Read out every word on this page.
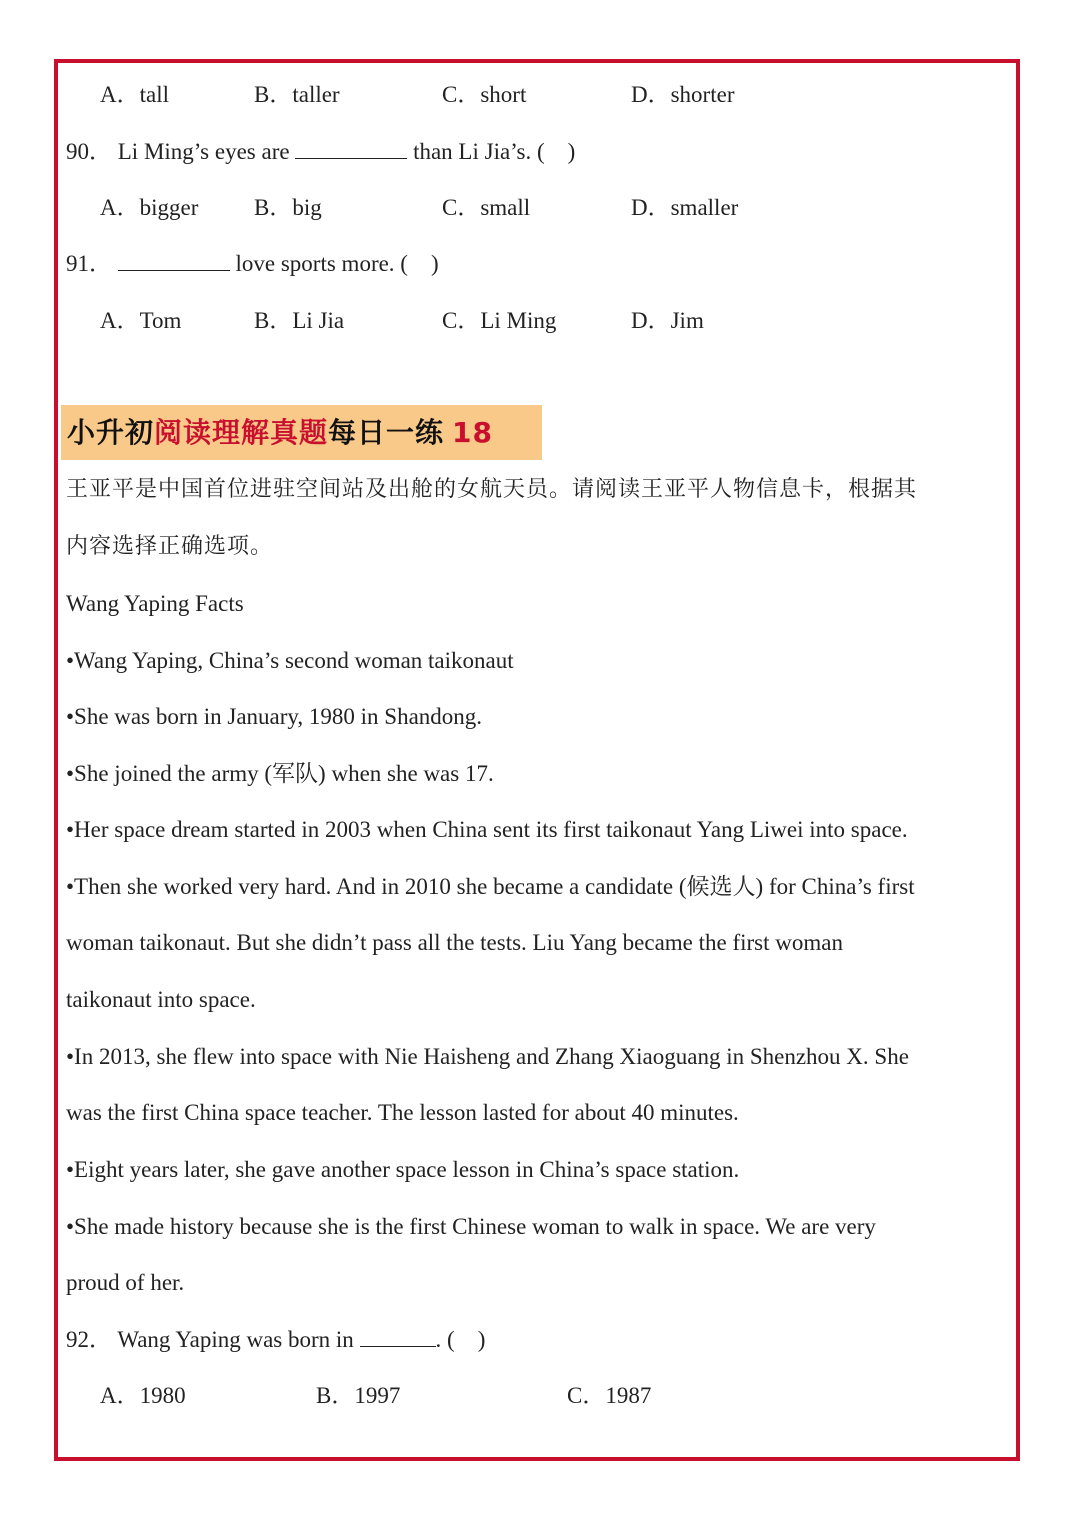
A．tall	B．taller	C．short	D．shorter
90． Li Ming’s eyes are	than Li Jia’s. ( )
A．bigger B．big	C．small	D．smaller
91．	love sports more. ( )
A．Tom	B．Li Jia	C．Li Ming	D．Jim
小升初阅读理解真题每日一练 18
王亚平是中国首位进驻空间站及出舱的女航天员。请阅读王亚平人物信息卡，根据其
内容选择正确选项。
Wang Yaping Facts
•Wang Yaping, China’s second woman taikonaut
•She was born in January, 1980 in Shandong.
•She joined the army (军队) when she was 17.
•Her space dream started in 2003 when China sent its first taikonaut Yang Liwei into space.
•Then she worked very hard. And in 2010 she became a candidate (候选人) for China’s first
woman taikonaut. But she didn’t pass all the tests. Liu Yang became the first woman
taikonaut into space.
•In 2013, she flew into space with Nie Haisheng and Zhang Xiaoguang in Shenzhou X. She
was the first China space teacher. The lesson lasted for about 40 minutes.
•Eight years later, she gave another space lesson in China’s space station.
•She made history because she is the first Chinese woman to walk in space. We are very
proud of her.
92． Wang Yaping was born in	. ( )
A．1980	B．1997	C．1987
